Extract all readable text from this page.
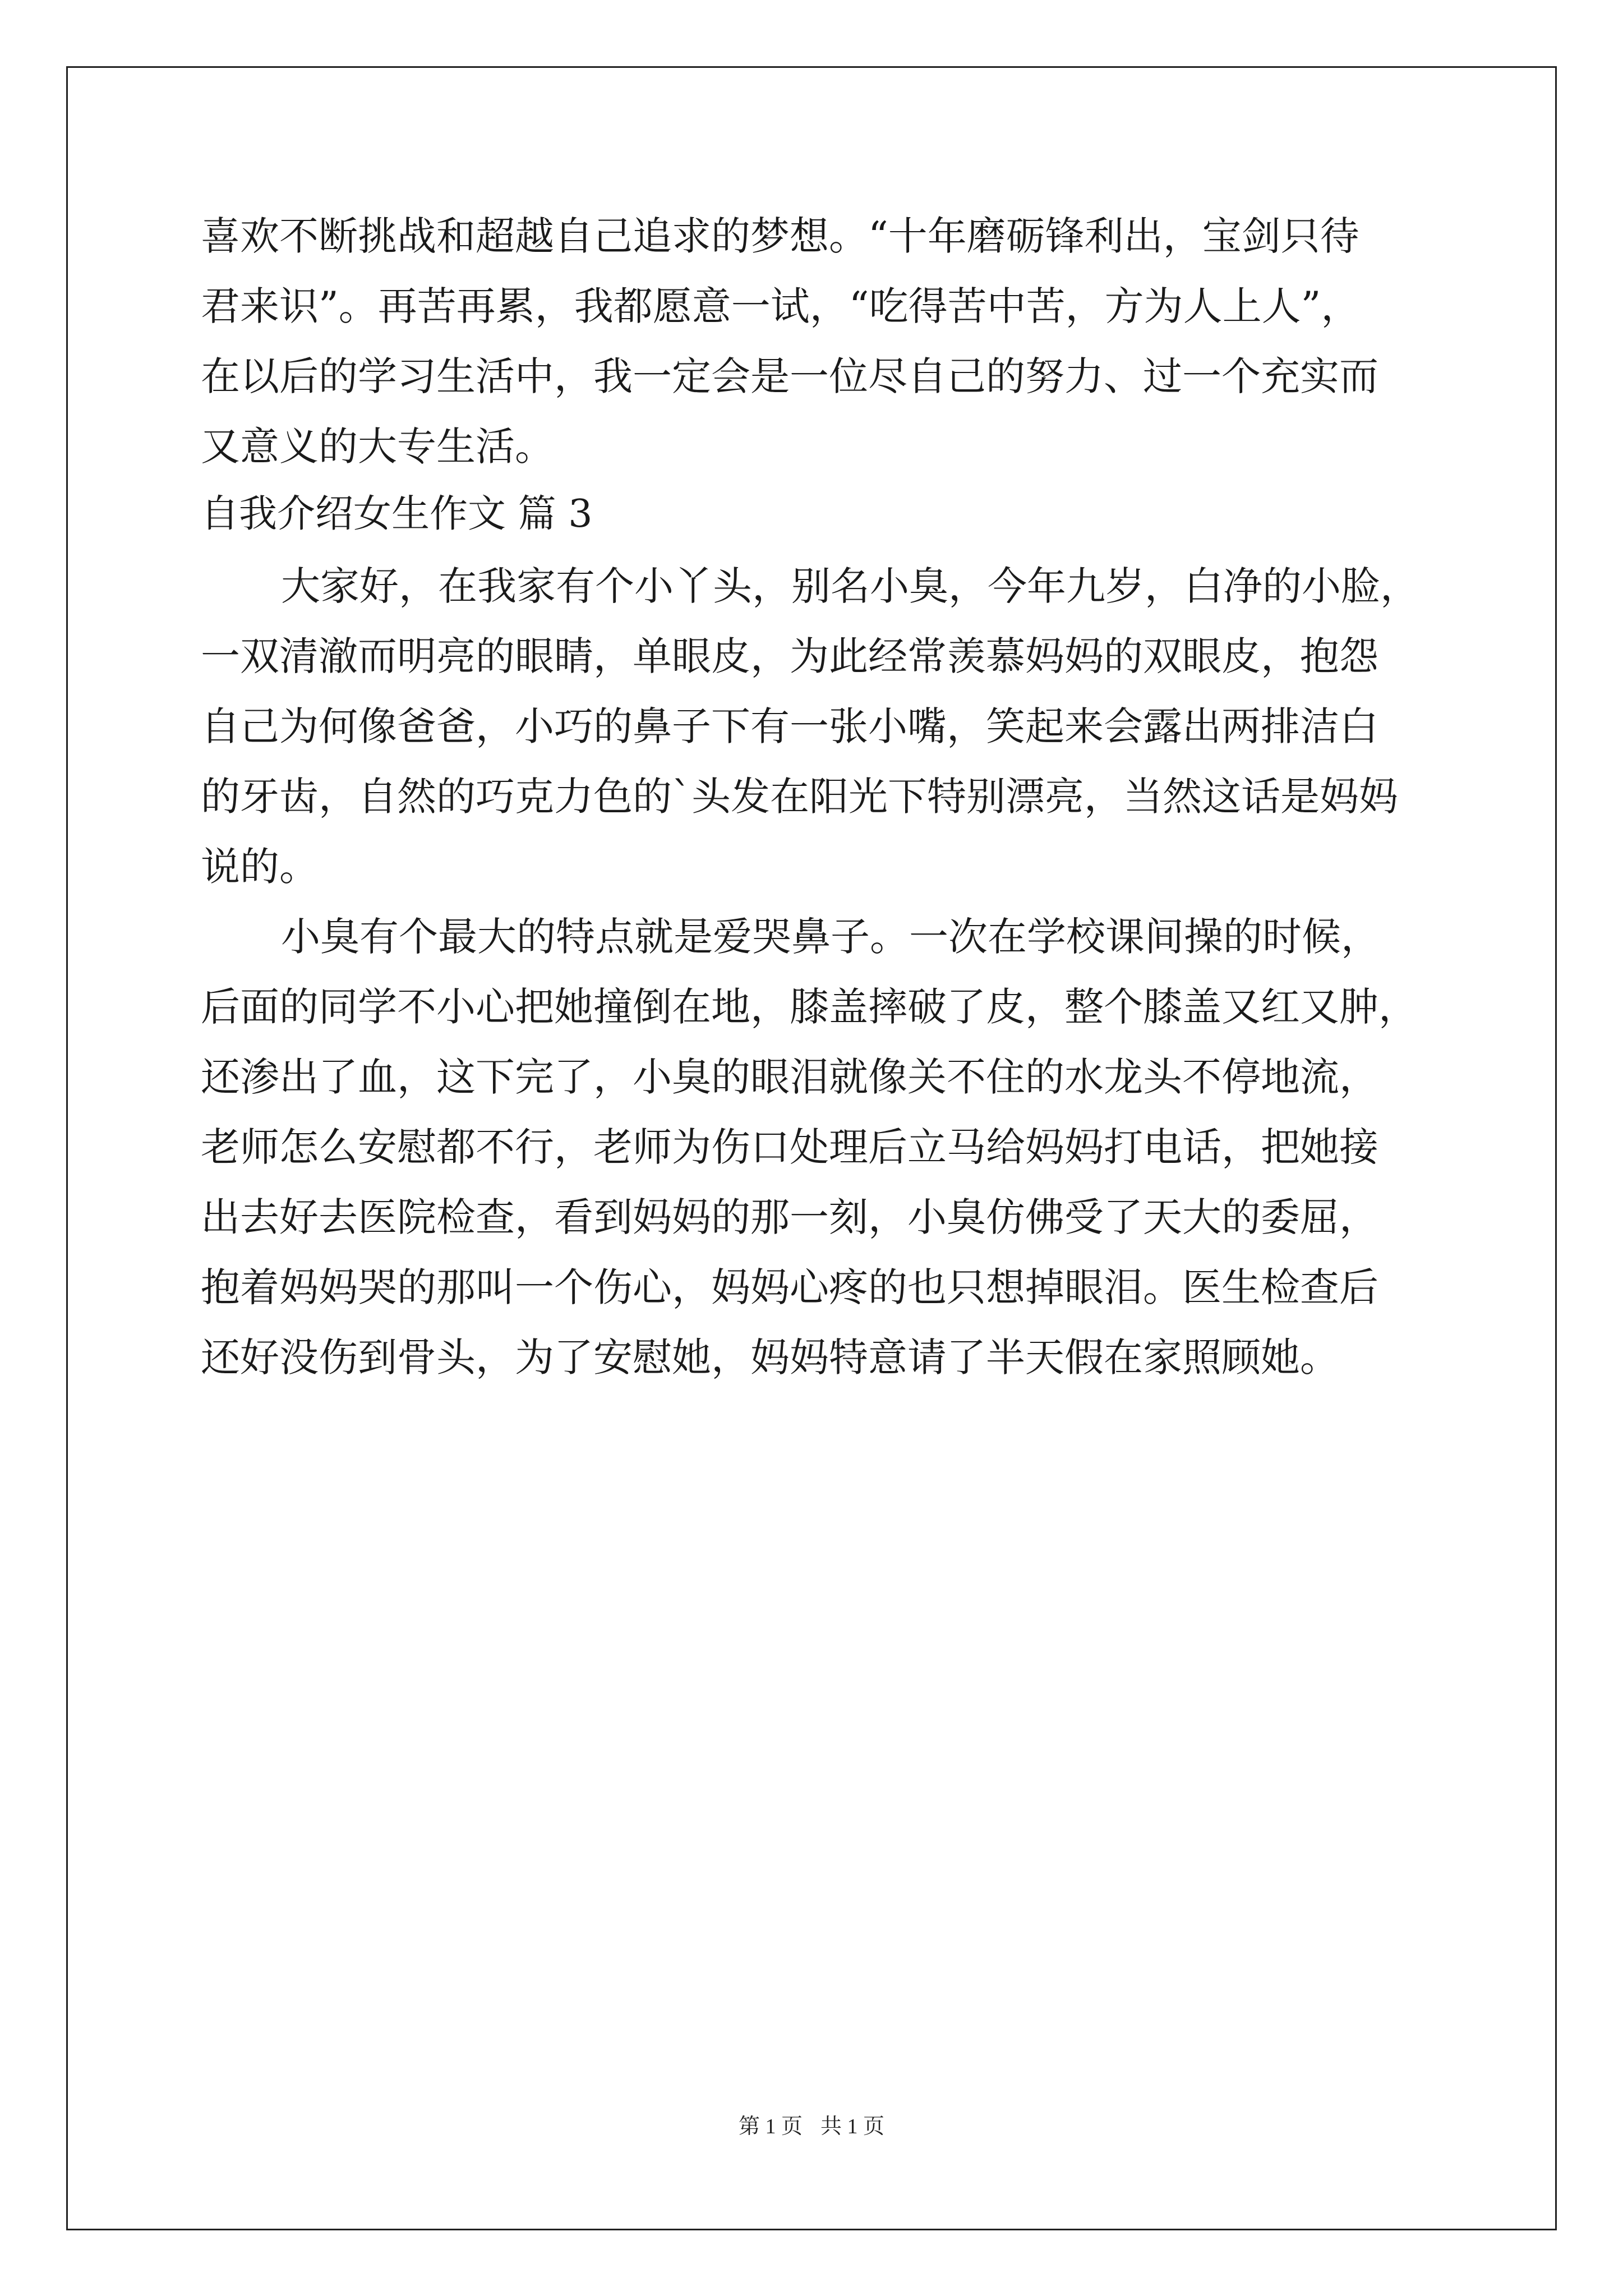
喜欢不断挑战和超越自己追求的梦想。“十年磨砺锋利出，宝剑只待
君来识”。再苦再累，我都愿意一试，“吃得苦中苦，方为人上人”，
在以后的学习生活中，我一定会是一位尽自己的努力、过一个充实而
又意义的大专生活。
自我介绍女生作文 篇 3
大家好，在我家有个小丫头，别名小臭，今年九岁，白净的小脸，
一双清澈而明亮的眼睛，单眼皮，为此经常羡慕妈妈的双眼皮，抱怨
自己为何像爸爸，小巧的鼻子下有一张小嘴，笑起来会露出两排洁白
的牙齿，自然的巧克力色的`头发在阳光下特别漂亮，当然这话是妈妈
说的。
小臭有个最大的特点就是爱哭鼻子。一次在学校课间操的时候，
后面的同学不小心把她撞倒在地，膝盖摔破了皮，整个膝盖又红又肿，
还渗出了血，这下完了，小臭的眼泪就像关不住的水龙头不停地流，
老师怎么安慰都不行，老师为伤口处理后立马给妈妈打电话，把她接
出去好去医院检查，看到妈妈的那一刻，小臭仿佛受了天大的委屈，
抱着妈妈哭的那叫一个伤心，妈妈心疼的也只想掉眼泪。医生检查后
还好没伤到骨头，为了安慰她，妈妈特意请了半天假在家照顾她。
第 1 页 共 1 页
